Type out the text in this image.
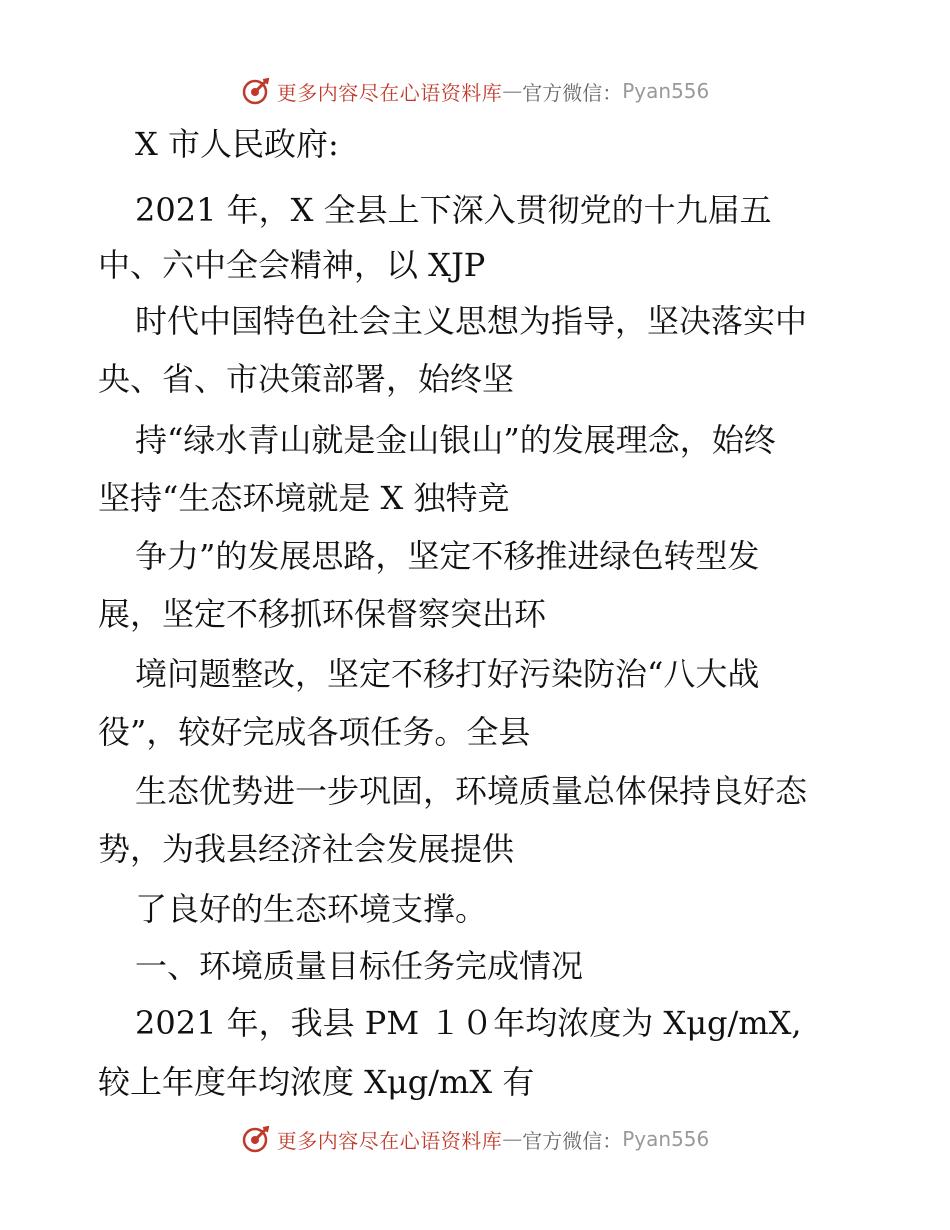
更多内容尽在心语资料库 — 官方微信： Pyan556
X 市人民政府:
2021 年，X 全县上下深入贯彻党的十九届五
中、六中全会精神，以 XJP
时代中国特色社会主义思想为指导，坚决落实中
央、省、市决策部署，始终坚
持“绿水青山就是金山银山”的发展理念，始终
坚持“生态环境就是 X 独特竞
争力”的发展思路，坚定不移推进绿色转型发
展，坚定不移抓环保督察突出环
境问题整改，坚定不移打好污染防治“八大战
役”，较好完成各项任务。全县
生态优势进一步巩固，环境质量总体保持良好态
势，为我县经济社会发展提供
了良好的生态环境支撑。
一、环境质量目标任务完成情况
2021 年，我县 PM １０年均浓度为 Xμg/mX,
较上年度年均浓度 Xμg/mX 有
更多内容尽在心语资料库 — 官方微信： Pyan556
